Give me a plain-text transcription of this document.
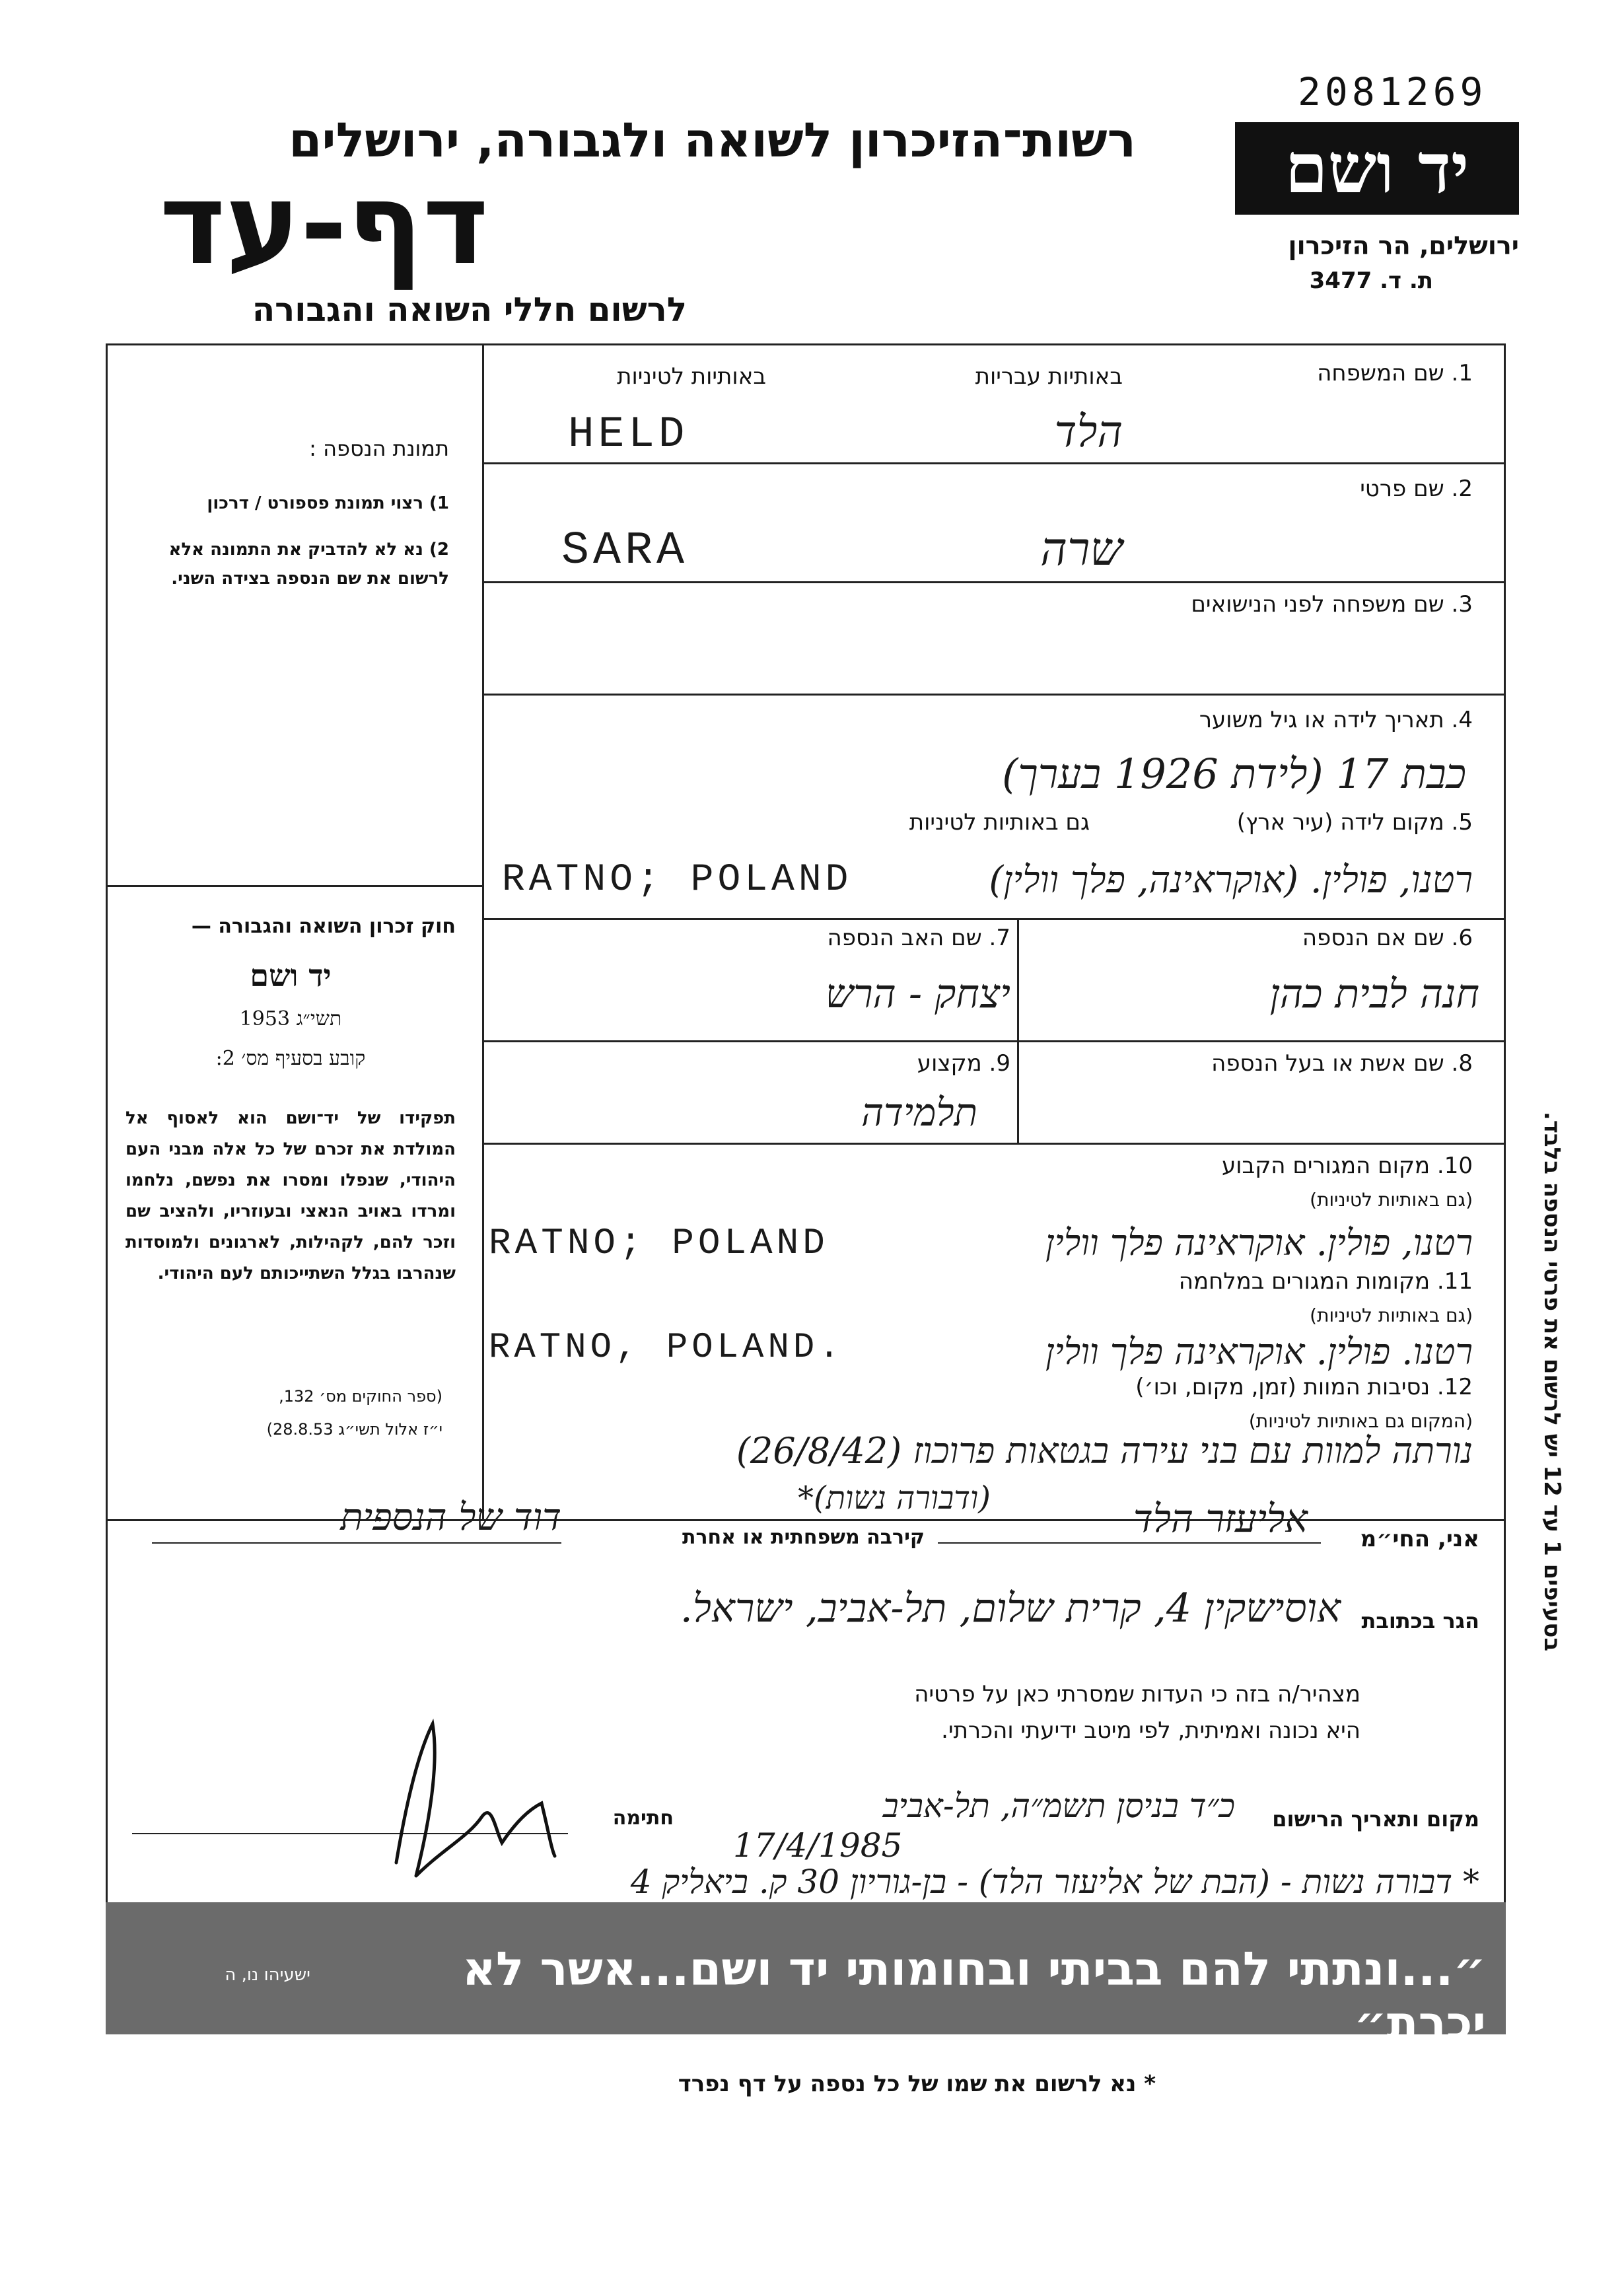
2081269
רשות־הזיכרון לשואה ולגבורה, ירושלים
דף-עד
לרשום חללי השואה והגבורה
יד ושם
ירושלים, הר הזיכרון
ת. ד. 3477
1. שם המשפחה
באותיות עבריות
באותיות לטיניות
HELD	הלד
2. שם פרטי
SARA	שרה
3. שם משפחה לפני הנישואים
4. תאריך לידה או גיל משוער
כבת 17 (לידת 1926 בערך)
5. מקום לידה (עיר ארץ)
גם באותיות לטיניות
RATNO; POLAND	רטנו, פולין. (אוקראינה, פלך וולין)
6. שם אם הנספה
חנה לבית כהן
7. שם האב הנספה
יצחק - הרש
8. שם אשת או בעל הנספה
9. מקצוע
תלמידה
10. מקום המגורים הקבוע
(גם באותיות לטיניות)
RATNO; POLAND	רטנו, פולין. אוקראינה פלך וולין
11. מקומות המגורים במלחמה
(גם באותיות לטיניות)
RATNO, POLAND.	רטנו. פולין. אוקראינה פלך וולין
12. נסיבות המוות (זמן, מקום, וכו׳)
(המקום גם באותיות לטיניות)
נורתה למוות עם בני עירה בגטאות פרוכוז (26/8/42)
(ודבורה נשות)*
תמונת הנספה :
1) רצוי תמונת פספורט / דרכון
2) נא לא להדביק את התמונה אלא לרשום את שם הנספה בצידה השני.
חוק זכרון השואה והגבורה —
יד ושם
תשי״ג 1953
קובע בסעיף מס׳ 2:
תפקידו של יד־ושם הוא לאסוף אל המולדת את זכרם של כל אלה מבני העם היהודי, שנפלו ומסרו את נפשם, נלחמו ומרדו באויב הנאצי ובעוזריו, ולהציב שם וזכר להם, לקהילות, לארגונים ולמוסדות שנהרבו בגלל השתייכותם לעם היהודי.
(ספר החוקים מס׳ 132,
י״ז אלול תשי״ג 28.8.53)	בסעיפים 1 עד 12 יש לרשום את פרטי הנספה בלבד.
אני, החי״מ
אליעזר הלד
קירבה משפחתית או אחרת
דוד של הנספית
הגר בכתובת
אוסישקין 4, קרית שלום, תל-אביב, ישראל.
מצהיר/ה בזה כי העדות שמסרתי כאן על פרטיה
היא נכונה ואמיתית, לפי מיטב ידיעתי והכרתי.
מקום ותאריך הרישום
כ״ד בניסן תשמ״ה, תל-אביב
17/4/1985
חתימה
* דבורה נשות - (הבת של אליעזר הלד) - בן-גוריון 30 ק. ביאליק 4
״...ונתתי להם בביתי ובחומותי יד ושם...אשר לא יכרת״
ישעיהו נו, ה
* נא לרשום את שמו של כל נספה על דף נפרד
